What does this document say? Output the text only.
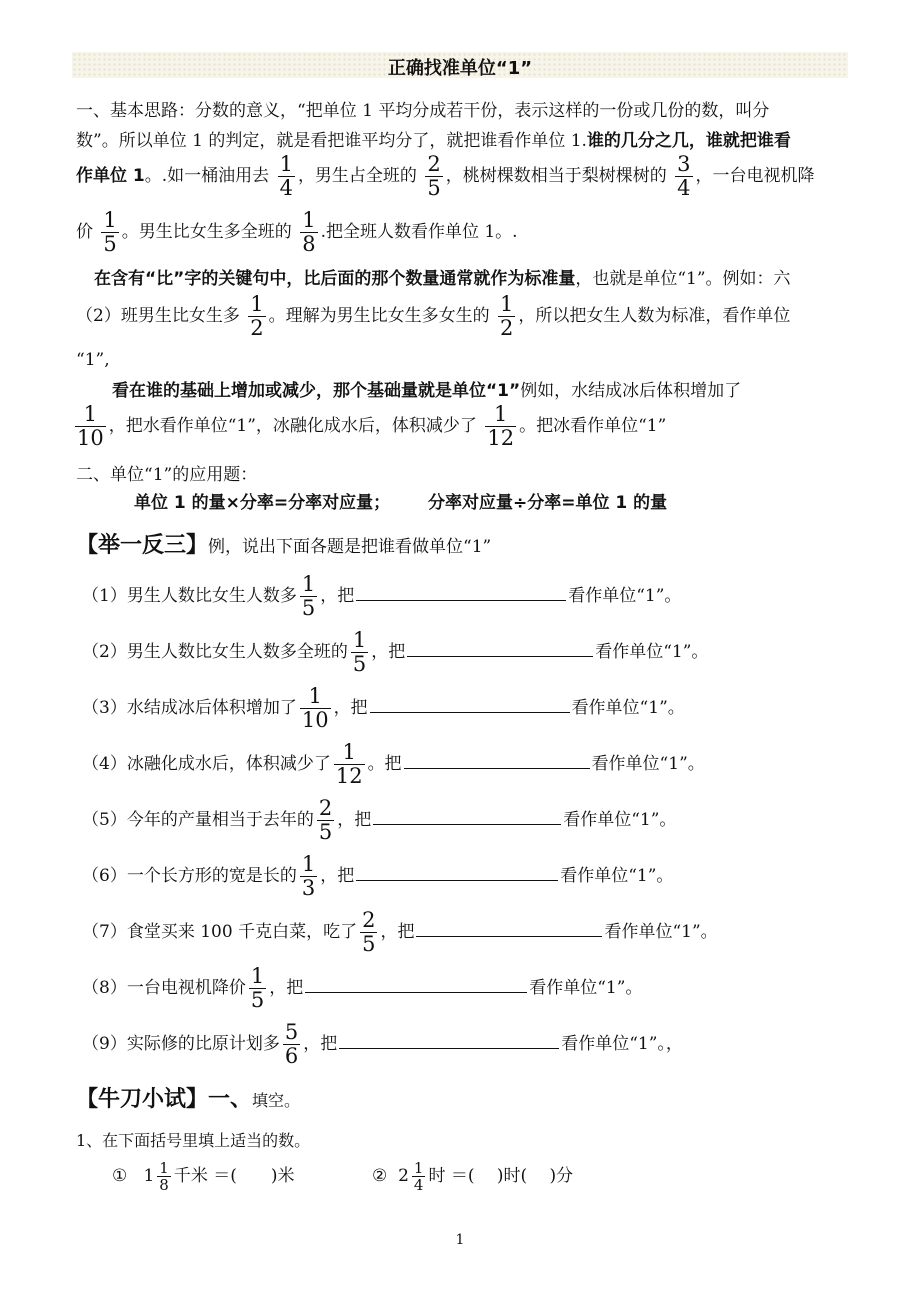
正确找准单位“1”
一、基本思路：分数的意义，“把单位 1 平均分成若干份，表示这样的一份或几份的数，叫分
数”。所以单位 1 的判定，就是看把谁平均分了，就把谁看作单位 1.谁的几分之几，谁就把谁看
作单位 1。.如一桶油用去 $\frac{1}{4}$ ，男生占全班的 $\frac{2}{5}$ ，桃树棵数相当于梨树棵树的 $\frac{3}{4}$ ，一台电视机降
价 $\frac{1}{5}$ 。男生比女生多全班的 $\frac{1}{8}$ .把全班人数看作单位 1。.
在含有“比”字的关键句中，比后面的那个数量通常就作为标准量，也就是单位“1”。例如：六
（2）班男生比女生多 $\frac{1}{2}$ 。理解为男生比女生多女生的 $\frac{1}{2}$ ，所以把女生人数为标准，看作单位
“1”,
看在谁的基础上增加或减少，那个基础量就是单位“1”例如，水结成冰后体积增加了
$\frac{1}{10}$ ，把水看作单位“1”，冰融化成水后，体积减少了 $\frac{1}{12}$ 。把冰看作单位“1”
二、单位“1”的应用题：
单位 1 的量×分率=分率对应量； 分率对应量÷分率=单位 1 的量
【举一反三】例，说出下面各题是把谁看做单位“1”
（1）男生人数比女生人数多 $\frac{1}{5}$ ，把	看作单位“1”。
（2）男生人数比女生人数多全班的 $\frac{1}{5}$ ，把	看作单位“1”。
（3）水结成冰后体积增加了 $\frac{1}{10}$ ，把	看作单位“1”。
（4）冰融化成水后，体积减少了 $\frac{1}{12}$ 。把	看作单位“1”。
（5）今年的产量相当于去年的 $\frac{2}{5}$ ，把	看作单位“1”。
（6）一个长方形的宽是长的 $\frac{1}{3}$ ，把	看作单位“1”。
（7）食堂买来 100 千克白菜，吃了 $\frac{2}{5}$ ，把	看作单位“1”。
（8）一台电视机降价 $\frac{1}{5}$ ，把	看作单位“1”。
（9）实际修的比原计划多 $\frac{5}{6}$ ，把	看作单位“1”。，
【牛刀小试】一、填空。
1、在下面括号里填上适当的数。
① $1 \frac{1}{8}$ 千米 ＝(　　)米	② $2 \frac{1}{4}$ 时 ＝(　 )时(　 )分
1
